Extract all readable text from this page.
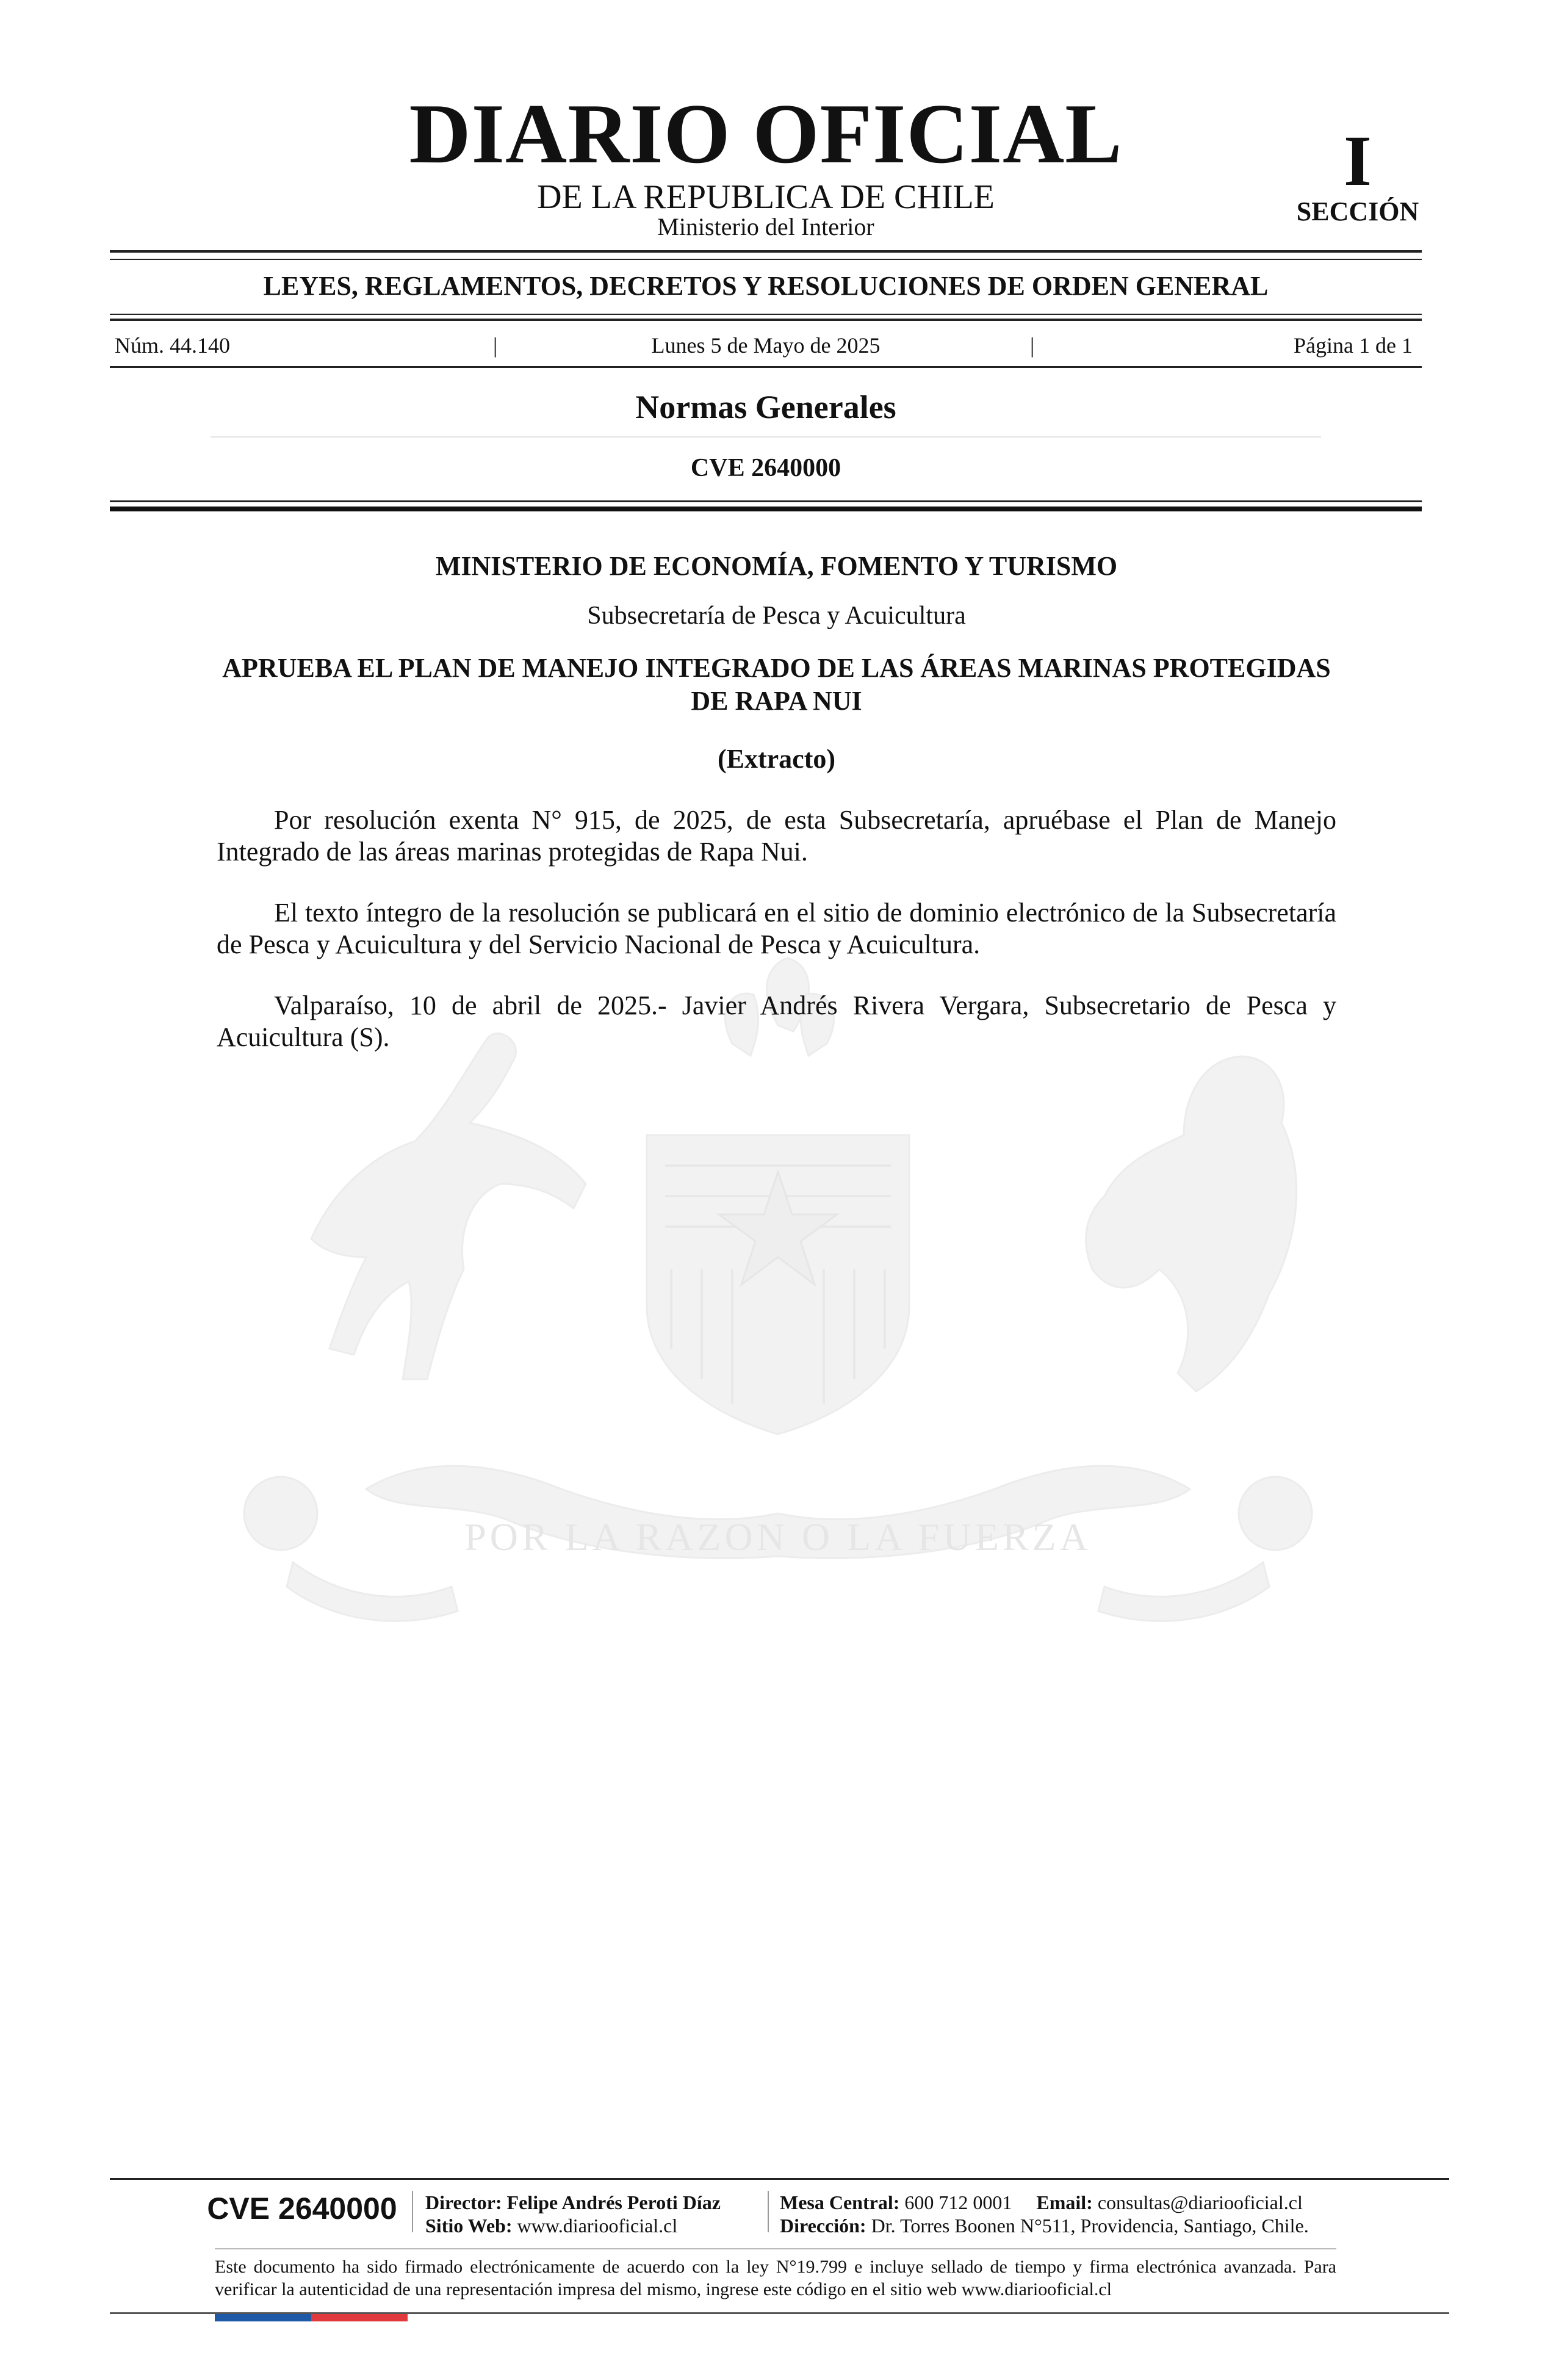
POR LA RAZON O LA FUERZA
DIARIO OFICIAL
DE LA REPUBLICA DE CHILE
Ministerio del Interior
I
SECCIÓN
LEYES, REGLAMENTOS, DECRETOS Y RESOLUCIONES DE ORDEN GENERAL
Núm. 44.140	|	Lunes 5 de Mayo de 2025	|	Página 1 de 1
Normas Generales
CVE 2640000
MINISTERIO DE ECONOMÍA, FOMENTO Y TURISMO
Subsecretaría de Pesca y Acuicultura
APRUEBA EL PLAN DE MANEJO INTEGRADO DE LAS ÁREAS MARINAS PROTEGIDAS DE RAPA NUI
(Extracto)

Por resolución exenta N° 915, de 2025, de esta Subsecretaría, apruébase el Plan de Manejo Integrado de las áreas marinas protegidas de Rapa Nui.

El texto íntegro de la resolución se publicará en el sitio de dominio electrónico de la Subsecretaría de Pesca y Acuicultura y del Servicio Nacional de Pesca y Acuicultura.

Valparaíso, 10 de abril de 2025.- Javier Andrés Rivera Vergara, Subsecretario de Pesca y Acuicultura (S).

CVE 2640000 Director: Felipe Andrés Peroti Díaz
Sitio Web: www.diariooficial.cl
Mesa Central: 600 712 0001 Email: consultas@diariooficial.cl
Dirección: Dr. Torres Boonen N°511, Providencia, Santiago, Chile.

Este documento ha sido firmado electrónicamente de acuerdo con la ley N°19.799 e incluye sellado de tiempo y firma electrónica avanzada. Para verificar la autenticidad de una representación impresa del mismo, ingrese este código en el sitio web www.diariooficial.cl
